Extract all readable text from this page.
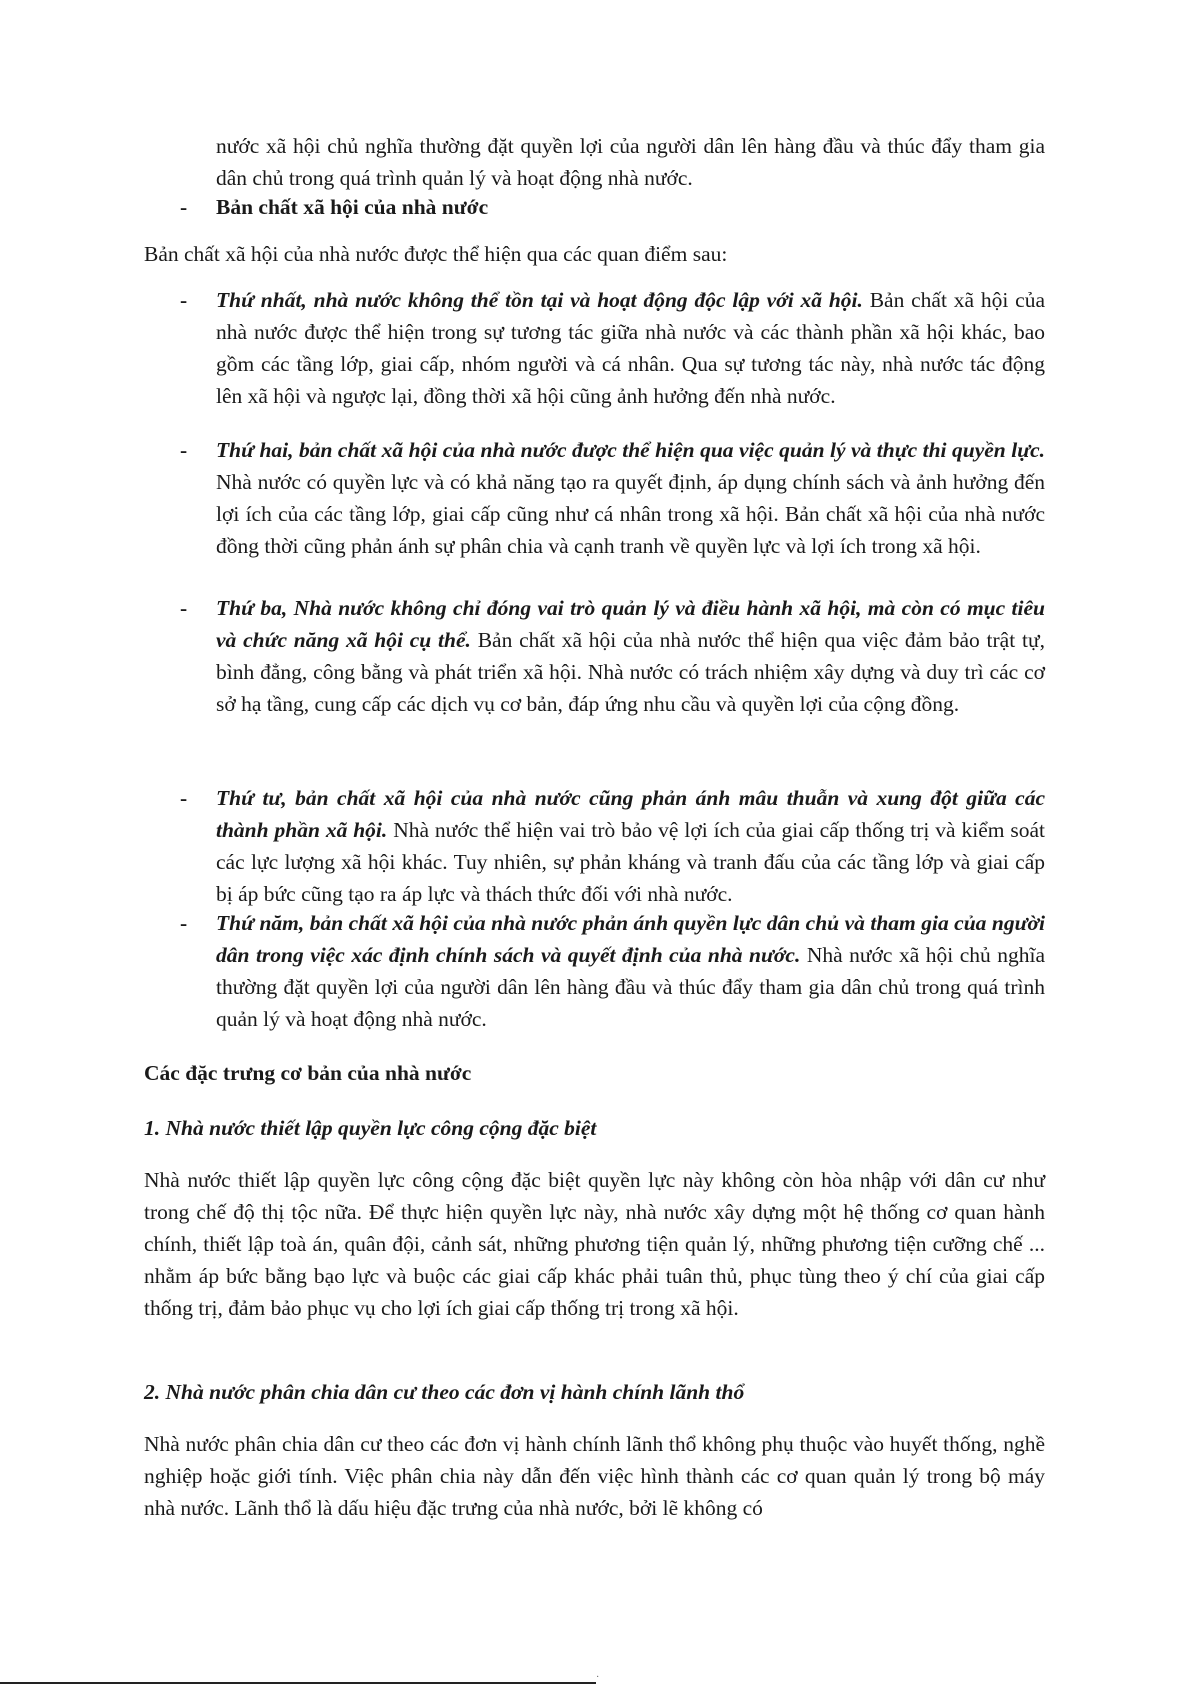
nước xã hội chủ nghĩa thường đặt quyền lợi của người dân lên hàng đầu và thúc đẩy tham gia dân chủ trong quá trình quản lý và hoạt động nhà nước.

- Bản chất xã hội của nhà nước

Bản chất xã hội của nhà nước được thể hiện qua các quan điểm sau:

- Thứ nhất, nhà nước không thể tồn tại và hoạt động độc lập với xã hội. Bản chất xã hội của nhà nước được thể hiện trong sự tương tác giữa nhà nước và các thành phần xã hội khác, bao gồm các tầng lớp, giai cấp, nhóm người và cá nhân. Qua sự tương tác này, nhà nước tác động lên xã hội và ngược lại, đồng thời xã hội cũng ảnh hưởng đến nhà nước.

- Thứ hai, bản chất xã hội của nhà nước được thể hiện qua việc quản lý và thực thi quyền lực. Nhà nước có quyền lực và có khả năng tạo ra quyết định, áp dụng chính sách và ảnh hưởng đến lợi ích của các tầng lớp, giai cấp cũng như cá nhân trong xã hội. Bản chất xã hội của nhà nước đồng thời cũng phản ánh sự phân chia và cạnh tranh về quyền lực và lợi ích trong xã hội.

- Thứ ba, Nhà nước không chỉ đóng vai trò quản lý và điều hành xã hội, mà còn có mục tiêu và chức năng xã hội cụ thể. Bản chất xã hội của nhà nước thể hiện qua việc đảm bảo trật tự, bình đẳng, công bằng và phát triển xã hội. Nhà nước có trách nhiệm xây dựng và duy trì các cơ sở hạ tầng, cung cấp các dịch vụ cơ bản, đáp ứng nhu cầu và quyền lợi của cộng đồng.

- Thứ tư, bản chất xã hội của nhà nước cũng phản ánh mâu thuẫn và xung đột giữa các thành phần xã hội. Nhà nước thể hiện vai trò bảo vệ lợi ích của giai cấp thống trị và kiểm soát các lực lượng xã hội khác. Tuy nhiên, sự phản kháng và tranh đấu của các tầng lớp và giai cấp bị áp bức cũng tạo ra áp lực và thách thức đối với nhà nước.

- Thứ năm, bản chất xã hội của nhà nước phản ánh quyền lực dân chủ và tham gia của người dân trong việc xác định chính sách và quyết định của nhà nước. Nhà nước xã hội chủ nghĩa thường đặt quyền lợi của người dân lên hàng đầu và thúc đẩy tham gia dân chủ trong quá trình quản lý và hoạt động nhà nước.

Các đặc trưng cơ bản của nhà nước

1. Nhà nước thiết lập quyền lực công cộng đặc biệt

Nhà nước thiết lập quyền lực công cộng đặc biệt quyền lực này không còn hòa nhập với dân cư như trong chế độ thị tộc nữa. Để thực hiện quyền lực này, nhà nước xây dựng một hệ thống cơ quan hành chính, thiết lập toà án, quân đội, cảnh sát, những phương tiện quản lý, những phương tiện cưỡng chế ... nhằm áp bức bằng bạo lực và buộc các giai cấp khác phải tuân thủ, phục tùng theo ý chí của giai cấp thống trị, đảm bảo phục vụ cho lợi ích giai cấp thống trị trong xã hội.

2. Nhà nước phân chia dân cư theo các đơn vị hành chính lãnh thổ

Nhà nước phân chia dân cư theo các đơn vị hành chính lãnh thổ không phụ thuộc vào huyết thống, nghề nghiệp hoặc giới tính. Việc phân chia này dẫn đến việc hình thành các cơ quan quản lý trong bộ máy nhà nước. Lãnh thổ là dấu hiệu đặc trưng của nhà nước, bởi lẽ không có

·
